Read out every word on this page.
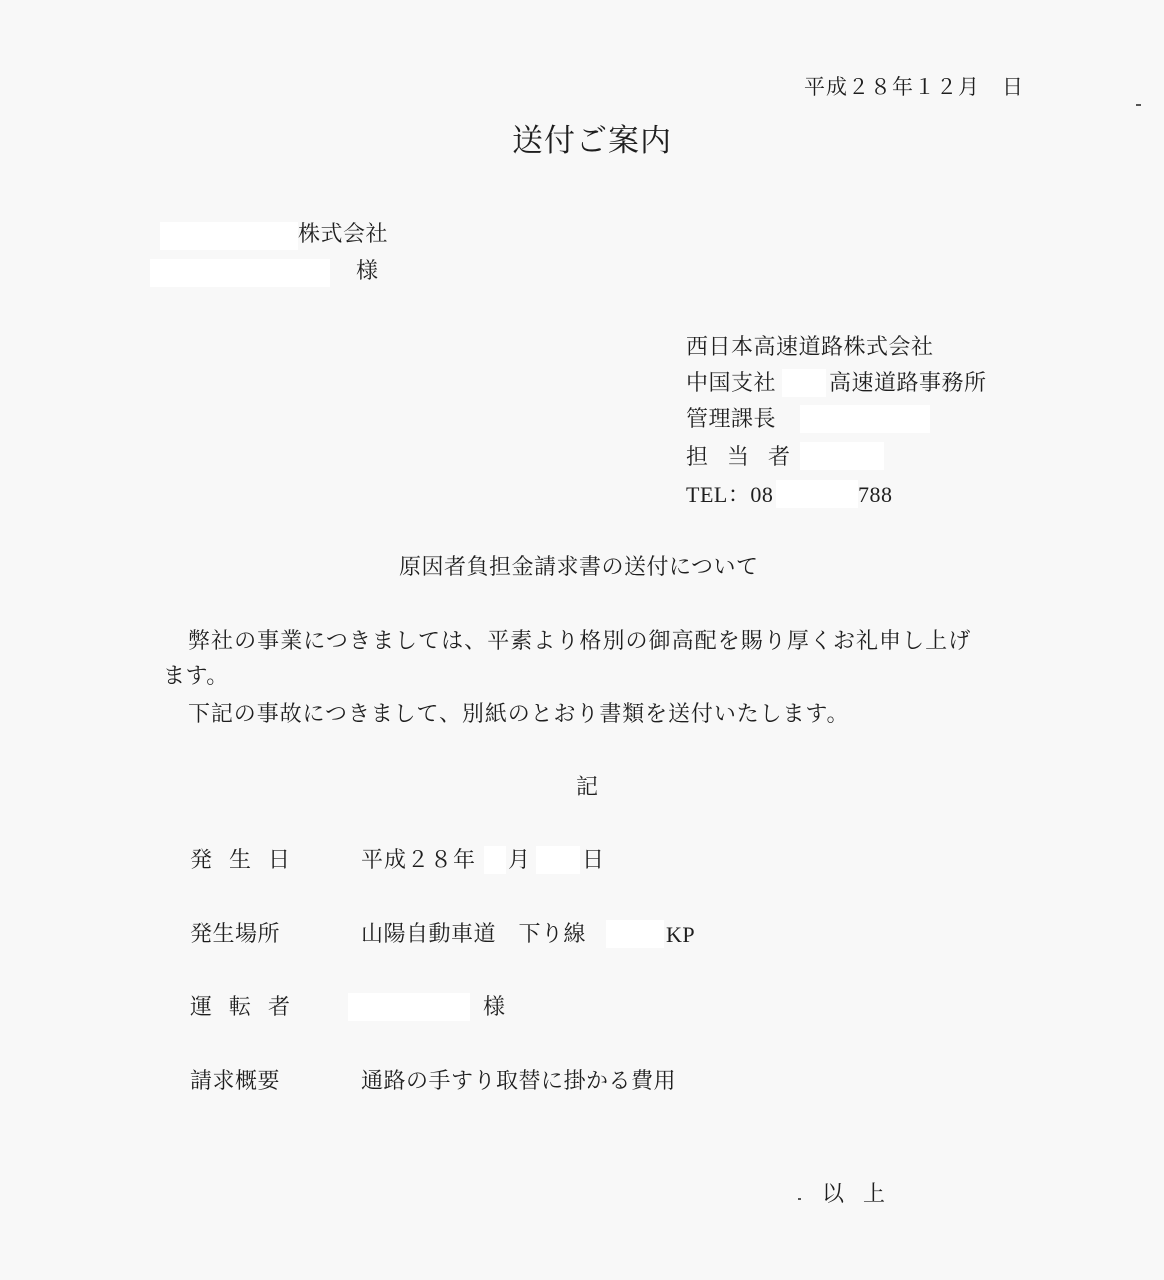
平成２８年１２月　日
送付ご案内
株式会社
様
西日本高速道路株式会社
中国支社 高速道路事務所
管理課長
担 当 者
TEL：08	788
原因者負担金請求書の送付について
弊社の事業につきましては、平素より格別の御高配を賜り厚くお礼申し上げ
ます。
下記の事故につきまして、別紙のとおり書類を送付いたします。
記
発 生 日	平成２８年 月 日
発生場所	山陽自動車道　下り線	KP
運 転 者	様
請求概要	通路の手すり取替に掛かる費用
以 上
